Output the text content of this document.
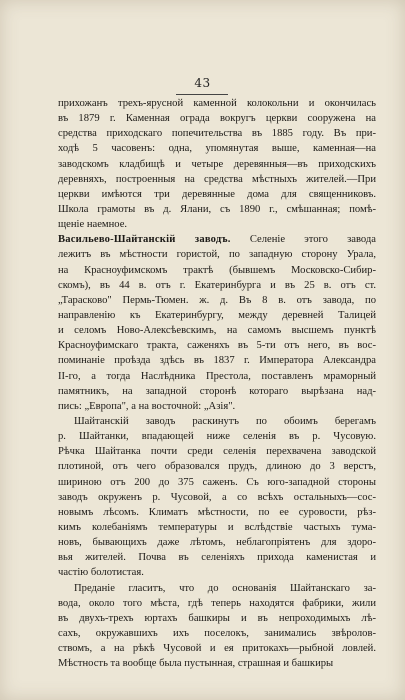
43
прихожанъ трехъ-ярусной каменной колокольни и окончилась
въ 1879 г. Каменная ограда вокругъ церкви сооружена на
средства приходскаго попечительства въ 1885 году. Въ при-
ходѣ 5 часовенъ: одна, упомянутая выше, каменная—на
заводскомъ кладбищѣ и четыре деревянныя—въ приходскихъ
деревняхъ, построенныя на средства мѣстныхъ жителей.—При
церкви имѣются три деревянные дома для священниковъ.
Школа грамоты въ д. Ялани, съ 1890 г., смѣшанная; помѣ-
щеніе наемное.
Васильево-Шайтанскій заводъ. Селеніе этого завода
лежитъ въ мѣстности гористой, по западную сторону Урала,
на Красноуфимскомъ трактѣ (бывшемъ Московско-Сибир-
скомъ), въ 44 в. отъ г. Екатеринбурга и въ 25 в. отъ ст.
„Тарасково" Пермь-Тюмен. ж. д. Въ 8 в. отъ завода, по
направленію къ Екатеринбургу, между деревней Талицей
и селомъ Ново-Алексѣевскимъ, на самомъ высшемъ пунктѣ
Красноуфимскаго тракта, саженяхъ въ 5-ти отъ него, въ вос-
поминаніе проѣзда здѣсь въ 1837 г. Императора Александра
II-го, а тогда Наслѣдника Престола, поставленъ мраморный
памятникъ, на западной сторонѣ котораго вырѣзана над-
пись: „Европа", а на восточной: „Азія".
Шайтанскій заводъ раскинутъ по обоимъ берегамъ
р. Шайтанки, впадающей ниже селенія въ р. Чусовую.
Рѣчка Шайтанка почти среди селенія перехвачена заводской
плотиной, отъ чего образовался прудъ, длиною до 3 верстъ,
шириною отъ 200 до 375 саженъ. Съ юго-западной стороны
заводъ окруженъ р. Чусовой, а со всѣхъ остальныхъ—сос-
новымъ лѣсомъ. Климатъ мѣстности, по ее суровости, рѣз-
кимъ колебаніямъ температуры и вслѣдствіе частыхъ тума-
новъ, бывающихъ даже лѣтомъ, неблагопріятенъ для здоро-
вья жителей. Почва въ селеніяхъ прихода каменистая и
частію болотистая.
Преданіе гласитъ, что до основанія Шайтанскаго за-
вода, около того мѣста, гдѣ теперь находятся фабрики, жили
въ двухъ-трехъ юртахъ башкиры и въ непроходимыхъ лѣ-
сахъ, окружавшихъ ихъ поселокъ, занимались звѣролов-
ствомъ, а на рѣкѣ Чусовой и ея притокахъ—рыбной ловлей.
Мѣстность та вообще была пустынная, страшная и башкиры
